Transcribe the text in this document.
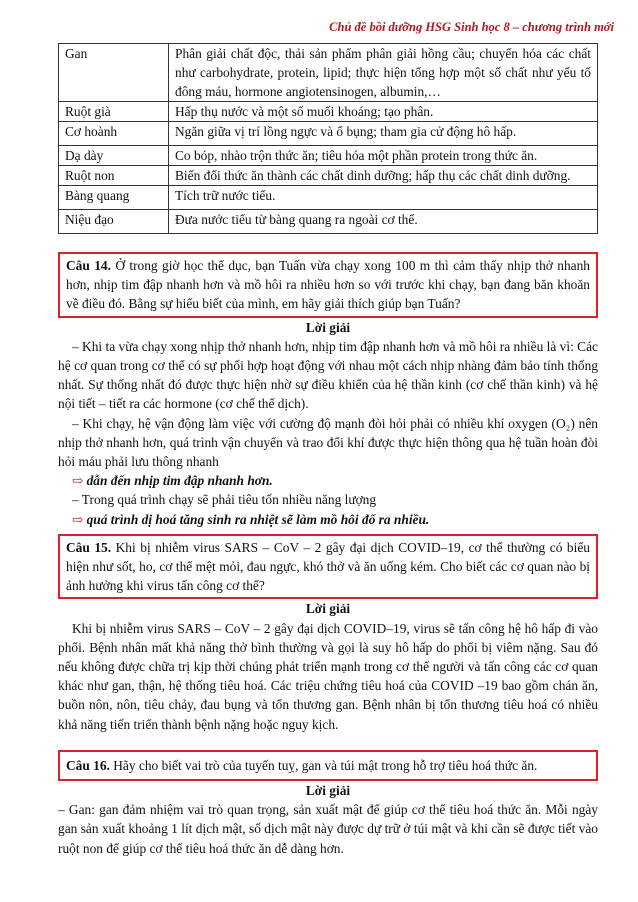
Chủ đề bồi dưỡng HSG Sinh học 8 – chương trình mới
Gan	Phân giải chất độc, thải sản phẩm phân giải hồng cầu; chuyển hóa các chất như carbohydrate, protein, lipid; thực hiện tổng hợp một số chất như yếu tố đông máu, hormone angiotensinogen, albumin,…
Ruột già	Hấp thụ nước và một số muối khoáng; tạo phân.
Cơ hoành	Ngăn giữa vị trí lồng ngực và ổ bụng; tham gia cử động hô hấp.
Dạ dày	Co bóp, nhào trộn thức ăn; tiêu hóa một phần protein trong thức ăn.
Ruột non	Biến đổi thức ăn thành các chất dinh dưỡng; hấp thụ các chất dinh dưỡng.
Bàng quang	Tích trữ nước tiểu.
Niệu đạo	Đưa nước tiểu từ bàng quang ra ngoài cơ thể.
Câu 14. Ở trong giờ học thể dục, bạn Tuấn vừa chạy xong 100 m thì cảm thấy nhịp thở nhanh hơn, nhịp tim đập nhanh hơn và mồ hôi ra nhiều hơn so với trước khi chạy, bạn đang băn khoăn về điều đó. Bằng sự hiểu biết của mình, em hãy giải thích giúp bạn Tuấn?
Lời giải

– Khi ta vừa chạy xong nhịp thở nhanh hơn, nhịp tim đập nhanh hơn và mồ hôi ra nhiều là vì: Các hệ cơ quan trong cơ thể có sự phối hợp hoạt động với nhau một cách nhịp nhàng đảm bảo tính thống nhất. Sự thống nhất đó được thực hiện nhờ sự điều khiển của hệ thần kinh (cơ chế thần kinh) và hệ nội tiết – tiết ra các hormone (cơ chế thể dịch).

– Khi chạy, hệ vận động làm việc với cường độ mạnh đòi hỏi phải có nhiều khí oxygen (O₂) nên nhịp thở nhanh hơn, quá trình vận chuyển và trao đổi khí được thực hiện thông qua hệ tuần hoàn đòi hỏi máu phải lưu thông nhanh

⇨ dẫn đến nhịp tim đập nhanh hơn.

– Trong quá trình chạy sẽ phải tiêu tốn nhiều năng lượng

⇨ quá trình dị hoá tăng sinh ra nhiệt sẽ làm mồ hôi đổ ra nhiều.
Câu 15. Khi bị nhiễm virus SARS – CoV – 2 gây đại dịch COVID–19, cơ thể thường có biểu hiện như sốt, ho, cơ thể mệt mỏi, đau ngực, khó thở và ăn uống kém. Cho biết các cơ quan nào bị ảnh hưởng khi virus tấn công cơ thể?
Lời giải

Khi bị nhiễm virus SARS – CoV – 2 gây đại dịch COVID–19, virus sẽ tấn công hệ hô hấp đi vào phổi. Bệnh nhân mất khả năng thở bình thường và gọi là suy hô hấp do phổi bị viêm nặng. Sau đó nếu không được chữa trị kịp thời chúng phát triển mạnh trong cơ thể người và tấn công các cơ quan khác như gan, thận, hệ thống tiêu hoá. Các triệu chứng tiêu hoá của COVID –19 bao gồm chán ăn, buồn nôn, nôn, tiêu chảy, đau bụng và tổn thương gan. Bệnh nhân bị tổn thương tiêu hoá có nhiều khả năng tiến triển thành bệnh nặng hoặc nguy kịch.

Câu 16. Hãy cho biết vai trò của tuyến tuỵ, gan và túi mật trong hỗ trợ tiêu hoá thức ăn.
Lời giải

– Gan: gan đảm nhiệm vai trò quan trọng, sản xuất mật để giúp cơ thể tiêu hoá thức ăn. Mỗi ngày gan sản xuất khoảng 1 lít dịch mật, số dịch mật này được dự trữ ở túi mật và khi cần sẽ được tiết vào ruột non để giúp cơ thể tiêu hoá thức ăn dễ dàng hơn.
